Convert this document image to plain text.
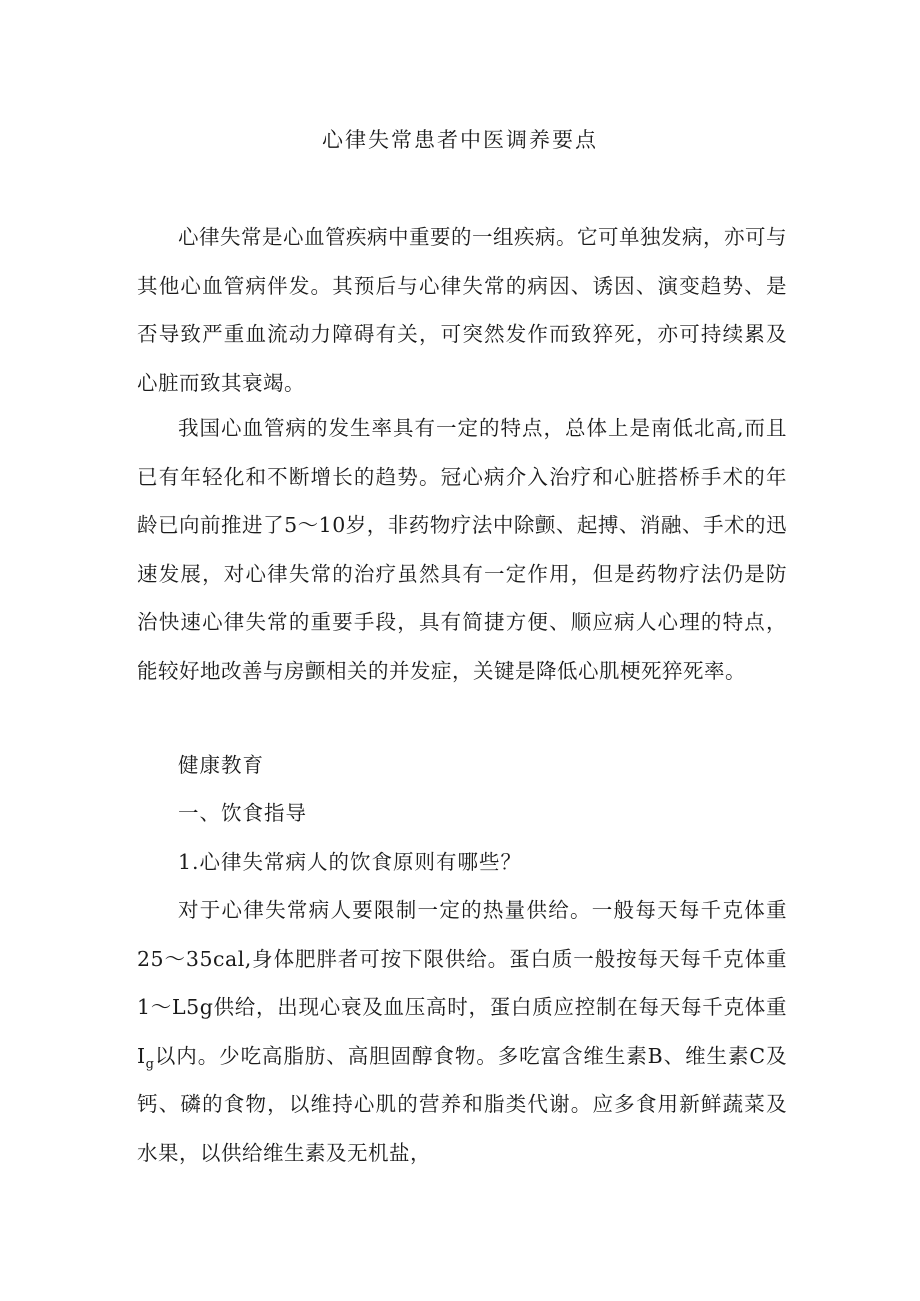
心律失常患者中医调养要点

心律失常是心血管疾病中重要的一组疾病。它可单独发病，亦可与其他心血管病伴发。其预后与心律失常的病因、诱因、演变趋势、是否导致严重血流动力障碍有关，可突然发作而致猝死，亦可持续累及心脏而致其衰竭。

我国心血管病的发生率具有一定的特点，总体上是南低北高,而且已有年轻化和不断增长的趋势。冠心病介入治疗和心脏搭桥手术的年龄已向前推进了5～10岁，非药物疗法中除颤、起搏、消融、手术的迅速发展，对心律失常的治疗虽然具有一定作用，但是药物疗法仍是防治快速心律失常的重要手段，具有简捷方便、顺应病人心理的特点，能较好地改善与房颤相关的并发症，关键是降低心肌梗死猝死率。

健康教育

一、饮食指导

1.心律失常病人的饮食原则有哪些？

对于心律失常病人要限制一定的热量供给。一般每天每千克体重25～35cal,身体肥胖者可按下限供给。蛋白质一般按每天每千克体重1～L5g供给，出现心衰及血压高时，蛋白质应控制在每天每千克体重$I_g$以内。少吃高脂肪、高胆固醇食物。多吃富含维生素B、维生素C及钙、磷的食物，以维持心肌的营养和脂类代谢。应多食用新鲜蔬菜及水果，以供给维生素及无机盐，
